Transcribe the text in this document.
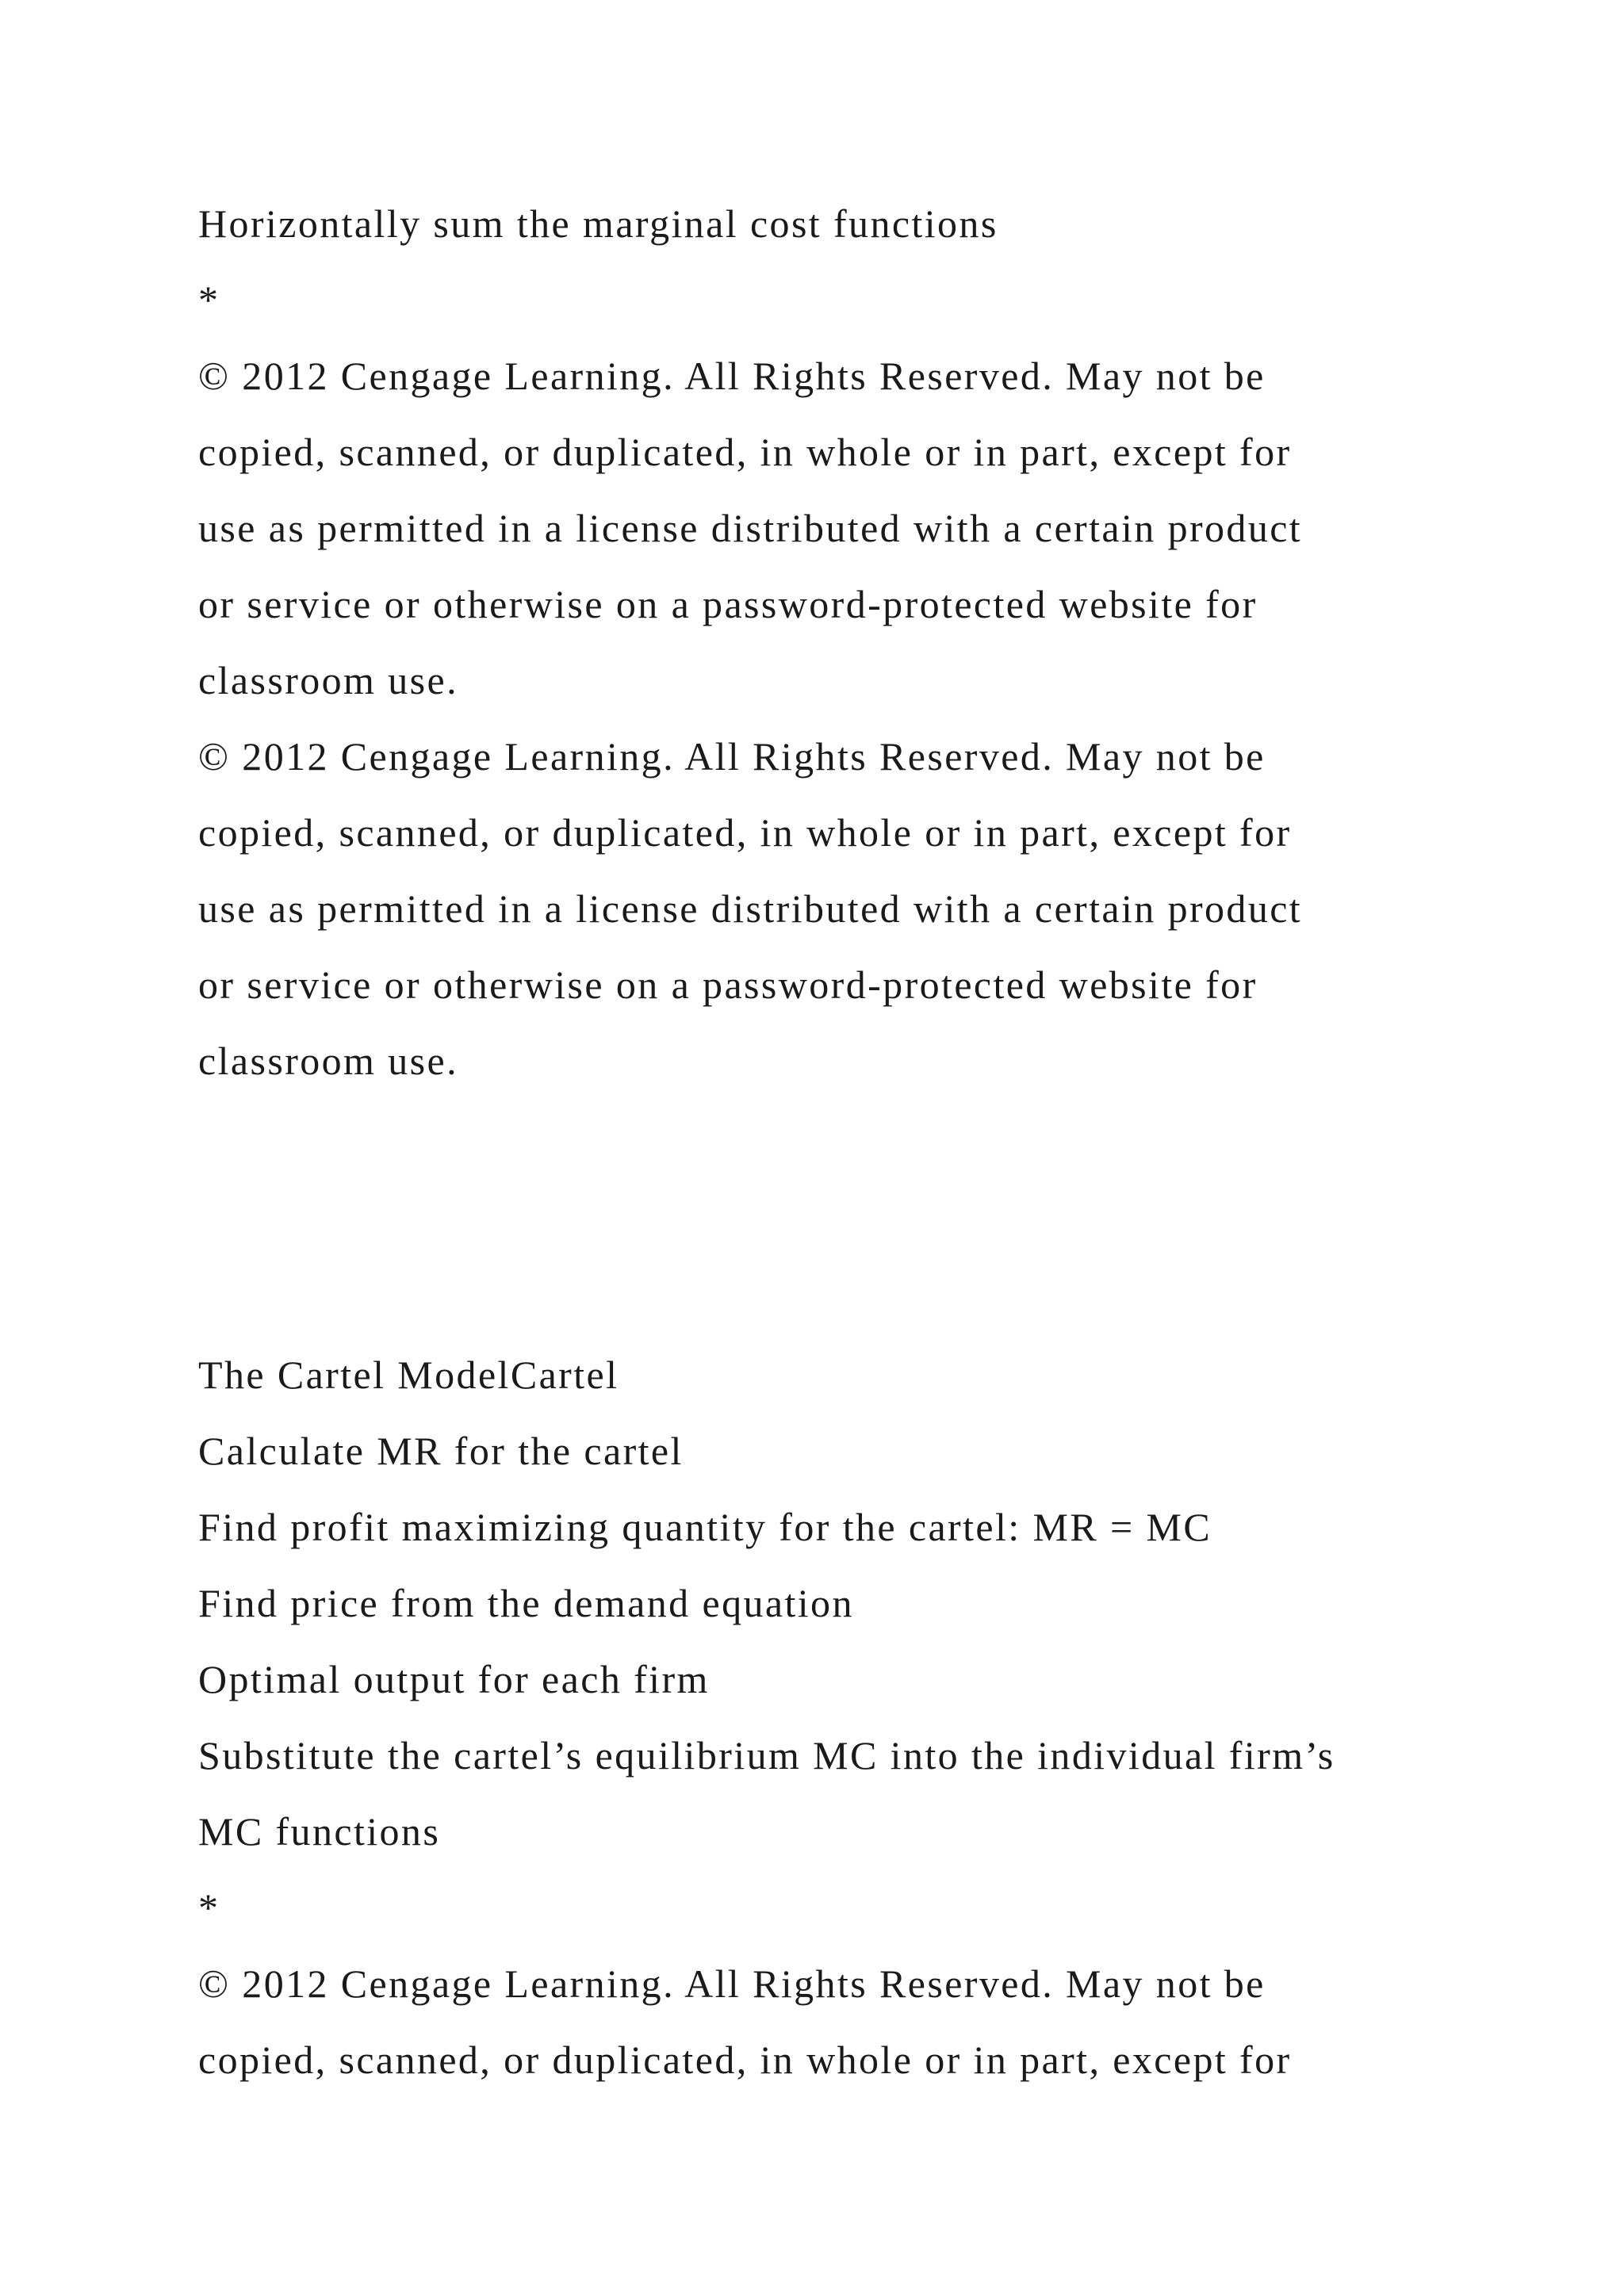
Horizontally sum the marginal cost functions
*
© 2012 Cengage Learning. All Rights Reserved. May not be
copied, scanned, or duplicated, in whole or in part, except for
use as permitted in a license distributed with a certain product
or service or otherwise on a password-protected website for
classroom use.
© 2012 Cengage Learning. All Rights Reserved. May not be
copied, scanned, or duplicated, in whole or in part, except for
use as permitted in a license distributed with a certain product
or service or otherwise on a password-protected website for
classroom use.
The Cartel ModelCartel
Calculate MR for the cartel
Find profit maximizing quantity for the cartel: MR = MC
Find price from the demand equation
Optimal output for each firm
Substitute the cartel’s equilibrium MC into the individual firm’s
MC functions
*
© 2012 Cengage Learning. All Rights Reserved. May not be
copied, scanned, or duplicated, in whole or in part, except for
